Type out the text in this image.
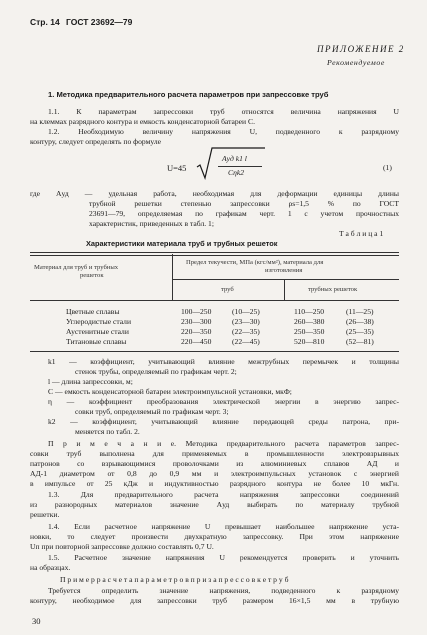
Стр. 14 ГОСТ 23692—79
ПРИЛОЖЕНИЕ 2
Рекомендуемое
1. Методика предварительного расчета параметров при запрессовке труб
1.1. К параметрам запрессовки труб относятся величина напряжения U
на клеммах разрядного контура и емкость конденсаторной батареи C.
1.2. Необходимую величину напряжения U, подведенного к разрядному
контуру, следует определять по формуле
U=45
Aуд k1 l
Cηk2
(1)
где Aуд — удельная работа, необходимая для деформации единицы длины
трубной решетки степенью запрессовки ρs=1,5 % по ГОСТ
23691—79, определяемая по графикам черт. 1 с учетом прочностных
характеристик, приведенных в табл. 1;
Т а б л и ц а 1
Характеристики материала труб и трубных решеток
Материал для труб и трубных
решеток
Предел текучести, МПа (кгс/мм²), материала для
изготовления
труб	трубных решеток
Цветные сплавы	100—250	(10—25)	110—250	(11—25)
Углеродистые стали	230—300	(23—30)	260—380	(26—38)
Аустенитные стали	220—350	(22—35)	250—350	(25—35)
Титановые сплавы	220—450	(22—45)	520—810	(52—81)
k1 — коэффициент, учитывающий влияние межтрубных перемычек и толщины
стенок трубы, определяемый по графикам черт. 2;
l — длина запрессовки, м;
C — емкость конденсаторной батареи электроимпульсной установки, мкФ;
η — коэффициент преобразования электрической энергии в энергию запрес-
совки труб, определяемый по графикам черт. 3;
k2 — коэффициент, учитывающий влияние передающей среды патрона, при-
меняется по табл. 2.
П р и м е ч а н и е. Методика предварительного расчета параметров запрес-
совки труб выполнена для применяемых в промышленности электровзрывных
патронов со взрывающимися проволочками из алюминиевых сплавов АД и
АД-1 диаметром от 0,8 до 0,9 мм и электроимпульсных установок с энергией
в импульсе от 25 кДж и индуктивностью разрядного контура не более 10 мкГн.
1.3. Для предварительного расчета напряжения запрессовки соединений
из разнородных материалов значение Aуд выбирать по материалу трубной
решетки.
1.4. Если расчетное напряжение U превышает наибольшее напряжение уста-
новки, то следует произвести двухкратную запрессовку. При этом напряжение
Uп при повторной запрессовке должно составлять 0,7 U.
1.5. Расчетное значение напряжения U рекомендуется проверить и уточнить
на образцах.
П р и м е р р а с ч е т а п а р а м е т р о в п р и з а п р е с с о в к е т р у б
Требуется определить значение напряжения, подведенного к разрядному
контуру, необходимое для запрессовки труб размером 16×1,5 мм в трубную
30
